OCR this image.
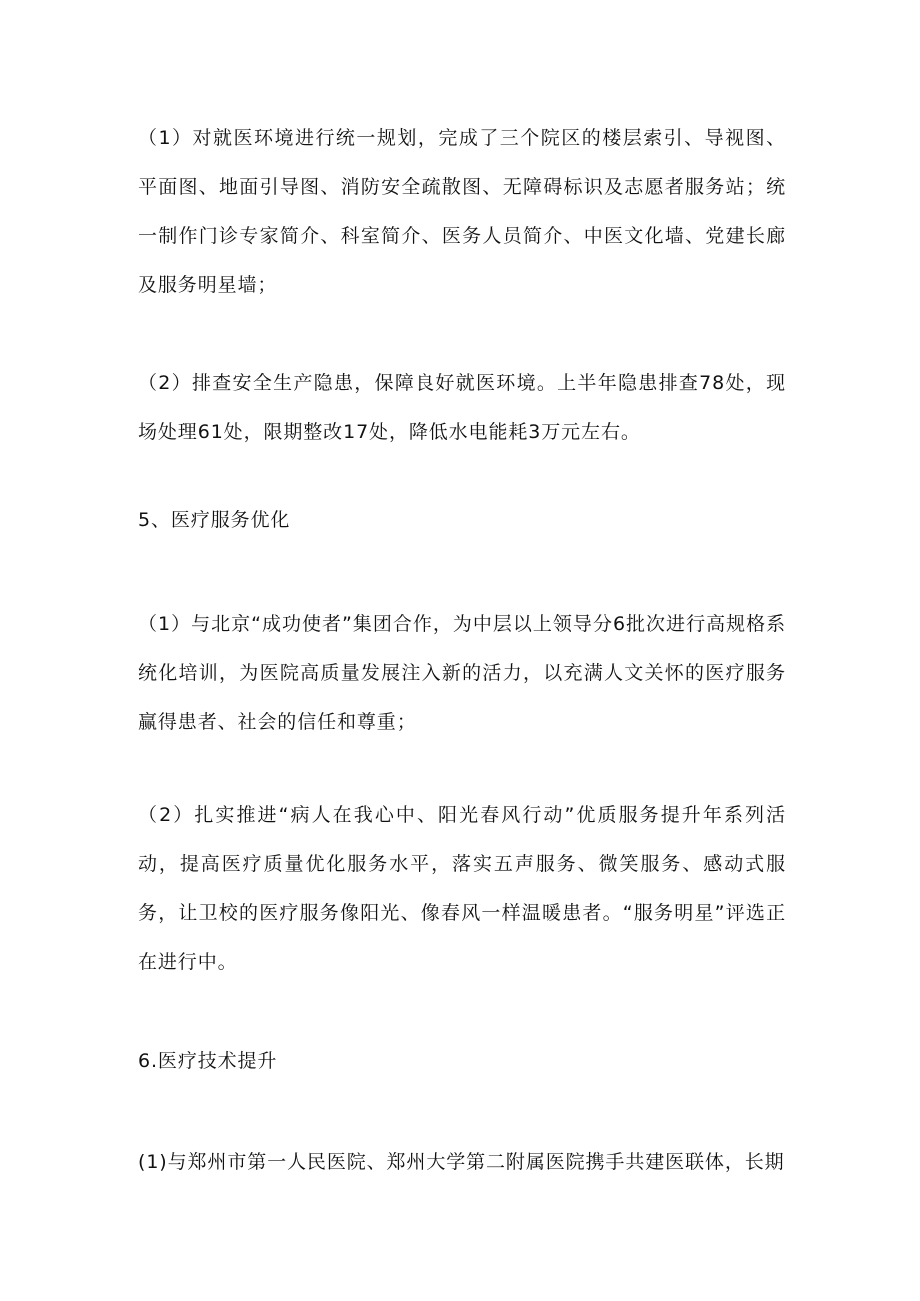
（1）对就医环境进行统一规划，完成了三个院区的楼层索引、导视图、平面图、地面引导图、消防安全疏散图、无障碍标识及志愿者服务站；统一制作门诊专家简介、科室简介、医务人员简介、中医文化墙、党建长廊及服务明星墙；

（2）排查安全生产隐患，保障良好就医环境。上半年隐患排查78处，现场处理61处，限期整改17处，降低水电能耗3万元左右。

5、医疗服务优化

（1）与北京“成功使者”集团合作，为中层以上领导分6批次进行高规格系统化培训，为医院高质量发展注入新的活力，以充满人文关怀的医疗服务赢得患者、社会的信任和尊重；

（2）扎实推进“病人在我心中、阳光春风行动”优质服务提升年系列活动，提高医疗质量优化服务水平，落实五声服务、微笑服务、感动式服务，让卫校的医疗服务像阳光、像春风一样温暖患者。“服务明星”评选正在进行中。

6.医疗技术提升

(1)与郑州市第一人民医院、郑州大学第二附属医院携手共建医联体，长期
